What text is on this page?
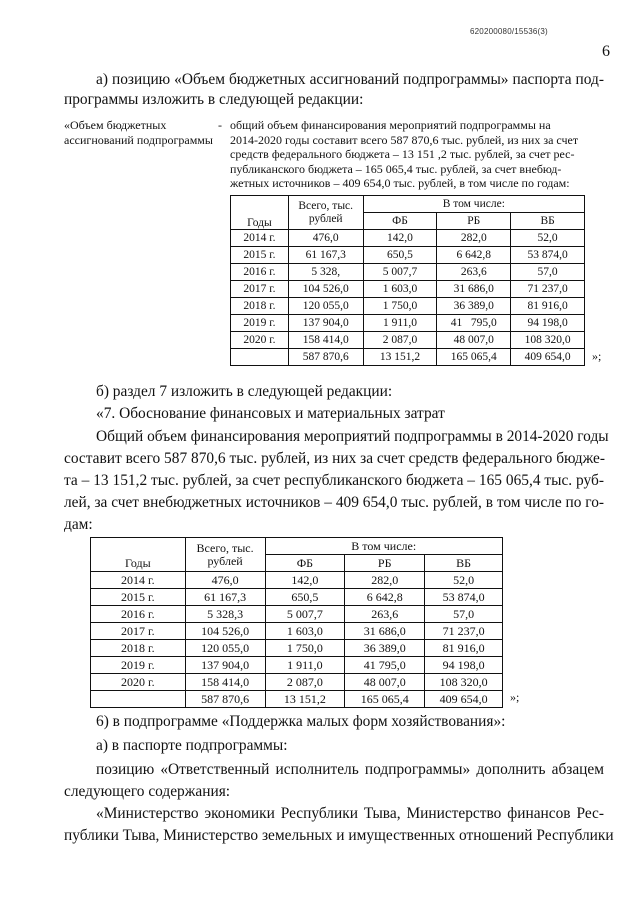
620200080/15536(3)
6
а) позицию «Объем бюджетных ассигнований подпрограммы» паспорта под-
программы изложить в следующей редакции:
«Объем бюджетных ассигнований подпрограммы
- общий объем финансирования мероприятий подпрограммы на
2014-2020 годы составит всего 587 870,6 тыс. рублей, из них за счет
средств федерального бюджета – 13 151 ,2 тыс. рублей, за счет рес-
публиканского бюджета – 165 065,4 тыс. рублей, за счет внебюд-
жетных источников – 409 654,0 тыс. рублей, в том числе по годам:
Годы	Всего, тыс. рублей	В том числе:		
		ФБ	РБ	ВБ
2014 г.	476,0	142,0	282,0	52,0
2015 г.	61 167,3	650,5	6 642,8	53 874,0
2016 г.	5 328,	5 007,7	263,6	57,0
2017 г.	104 526,0	1 603,0	31 686,0	71 237,0
2018 г.	120 055,0	1 750,0	36 389,0	81 916,0
2019 г.	137 904,0	1 911,0	41   795,0	94 198,0
2020 г.	158 414,0	2 087,0	48 007,0	108 320,0
	587 870,6	13 151,2	165 065,4	409 654,0 »;
б) раздел 7 изложить в следующей редакции:
«7. Обоснование финансовых и материальных затрат
Общий объем финансирования мероприятий подпрограммы в 2014-2020 годы
составит всего 587 870,6 тыс. рублей, из них за счет средств федерального бюдже-
та – 13 151,2 тыс. рублей, за счет республиканского бюджета – 165 065,4 тыс. руб-
лей, за счет внебюджетных источников – 409 654,0 тыс. рублей, в том числе по го-
дам:
Годы	Всего, тыс. рублей	В том числе:		
		ФБ	РБ	ВБ
2014 г.	476,0	142,0	282,0	52,0
2015 г.	61 167,3	650,5	6 642,8	53 874,0
2016 г.	5 328,3	5 007,7	263,6	57,0
2017 г.	104 526,0	1 603,0	31 686,0	71 237,0
2018 г.	120 055,0	1 750,0	36 389,0	81 916,0
2019 г.	137 904,0	1 911,0	41 795,0	94 198,0
2020 г.	158 414,0	2 087,0	48 007,0	108 320,0
	587 870,6	13 151,2	165 065,4	409 654,0 »;
6) в подпрограмме «Поддержка малых форм хозяйствования»:
а) в паспорте подпрограммы:
позицию «Ответственный исполнитель подпрограммы» дополнить абзацем
следующего содержания:
«Министерство экономики Республики Тыва, Министерство финансов Рес-
публики Тыва, Министерство земельных и имущественных отношений Республики
